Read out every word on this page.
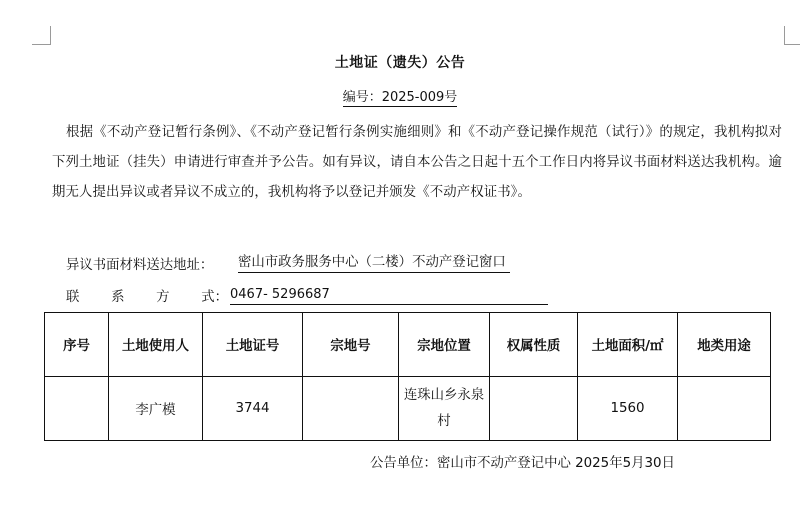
土地证（遗失）公告
编号：2025-009号
根据《不动产登记暂行条例》、《不动产登记暂行条例实施细则》和《不动产登记操作规范（试行）》的规定，我机构拟对下列土地证（挂失）申请进行审查并予公告。如有异议，请自本公告之日起十五个工作日内将异议书面材料送达我机构。逾期无人提出异议或者异议不成立的，我机构将予以登记并颁发《不动产权证书》。
异议书面材料送达地址： 密山市政务服务中心（二楼）不动产登记窗口
联 系 方 式： 0467- 5296687
序号	土地使用人	土地证号	宗地号	宗地位置	权属性质	土地面积/㎡	地类用途
	李广模	3744		连珠山乡永泉村		1560	
公告单位：密山市不动产登记中心 2025年5月30日
